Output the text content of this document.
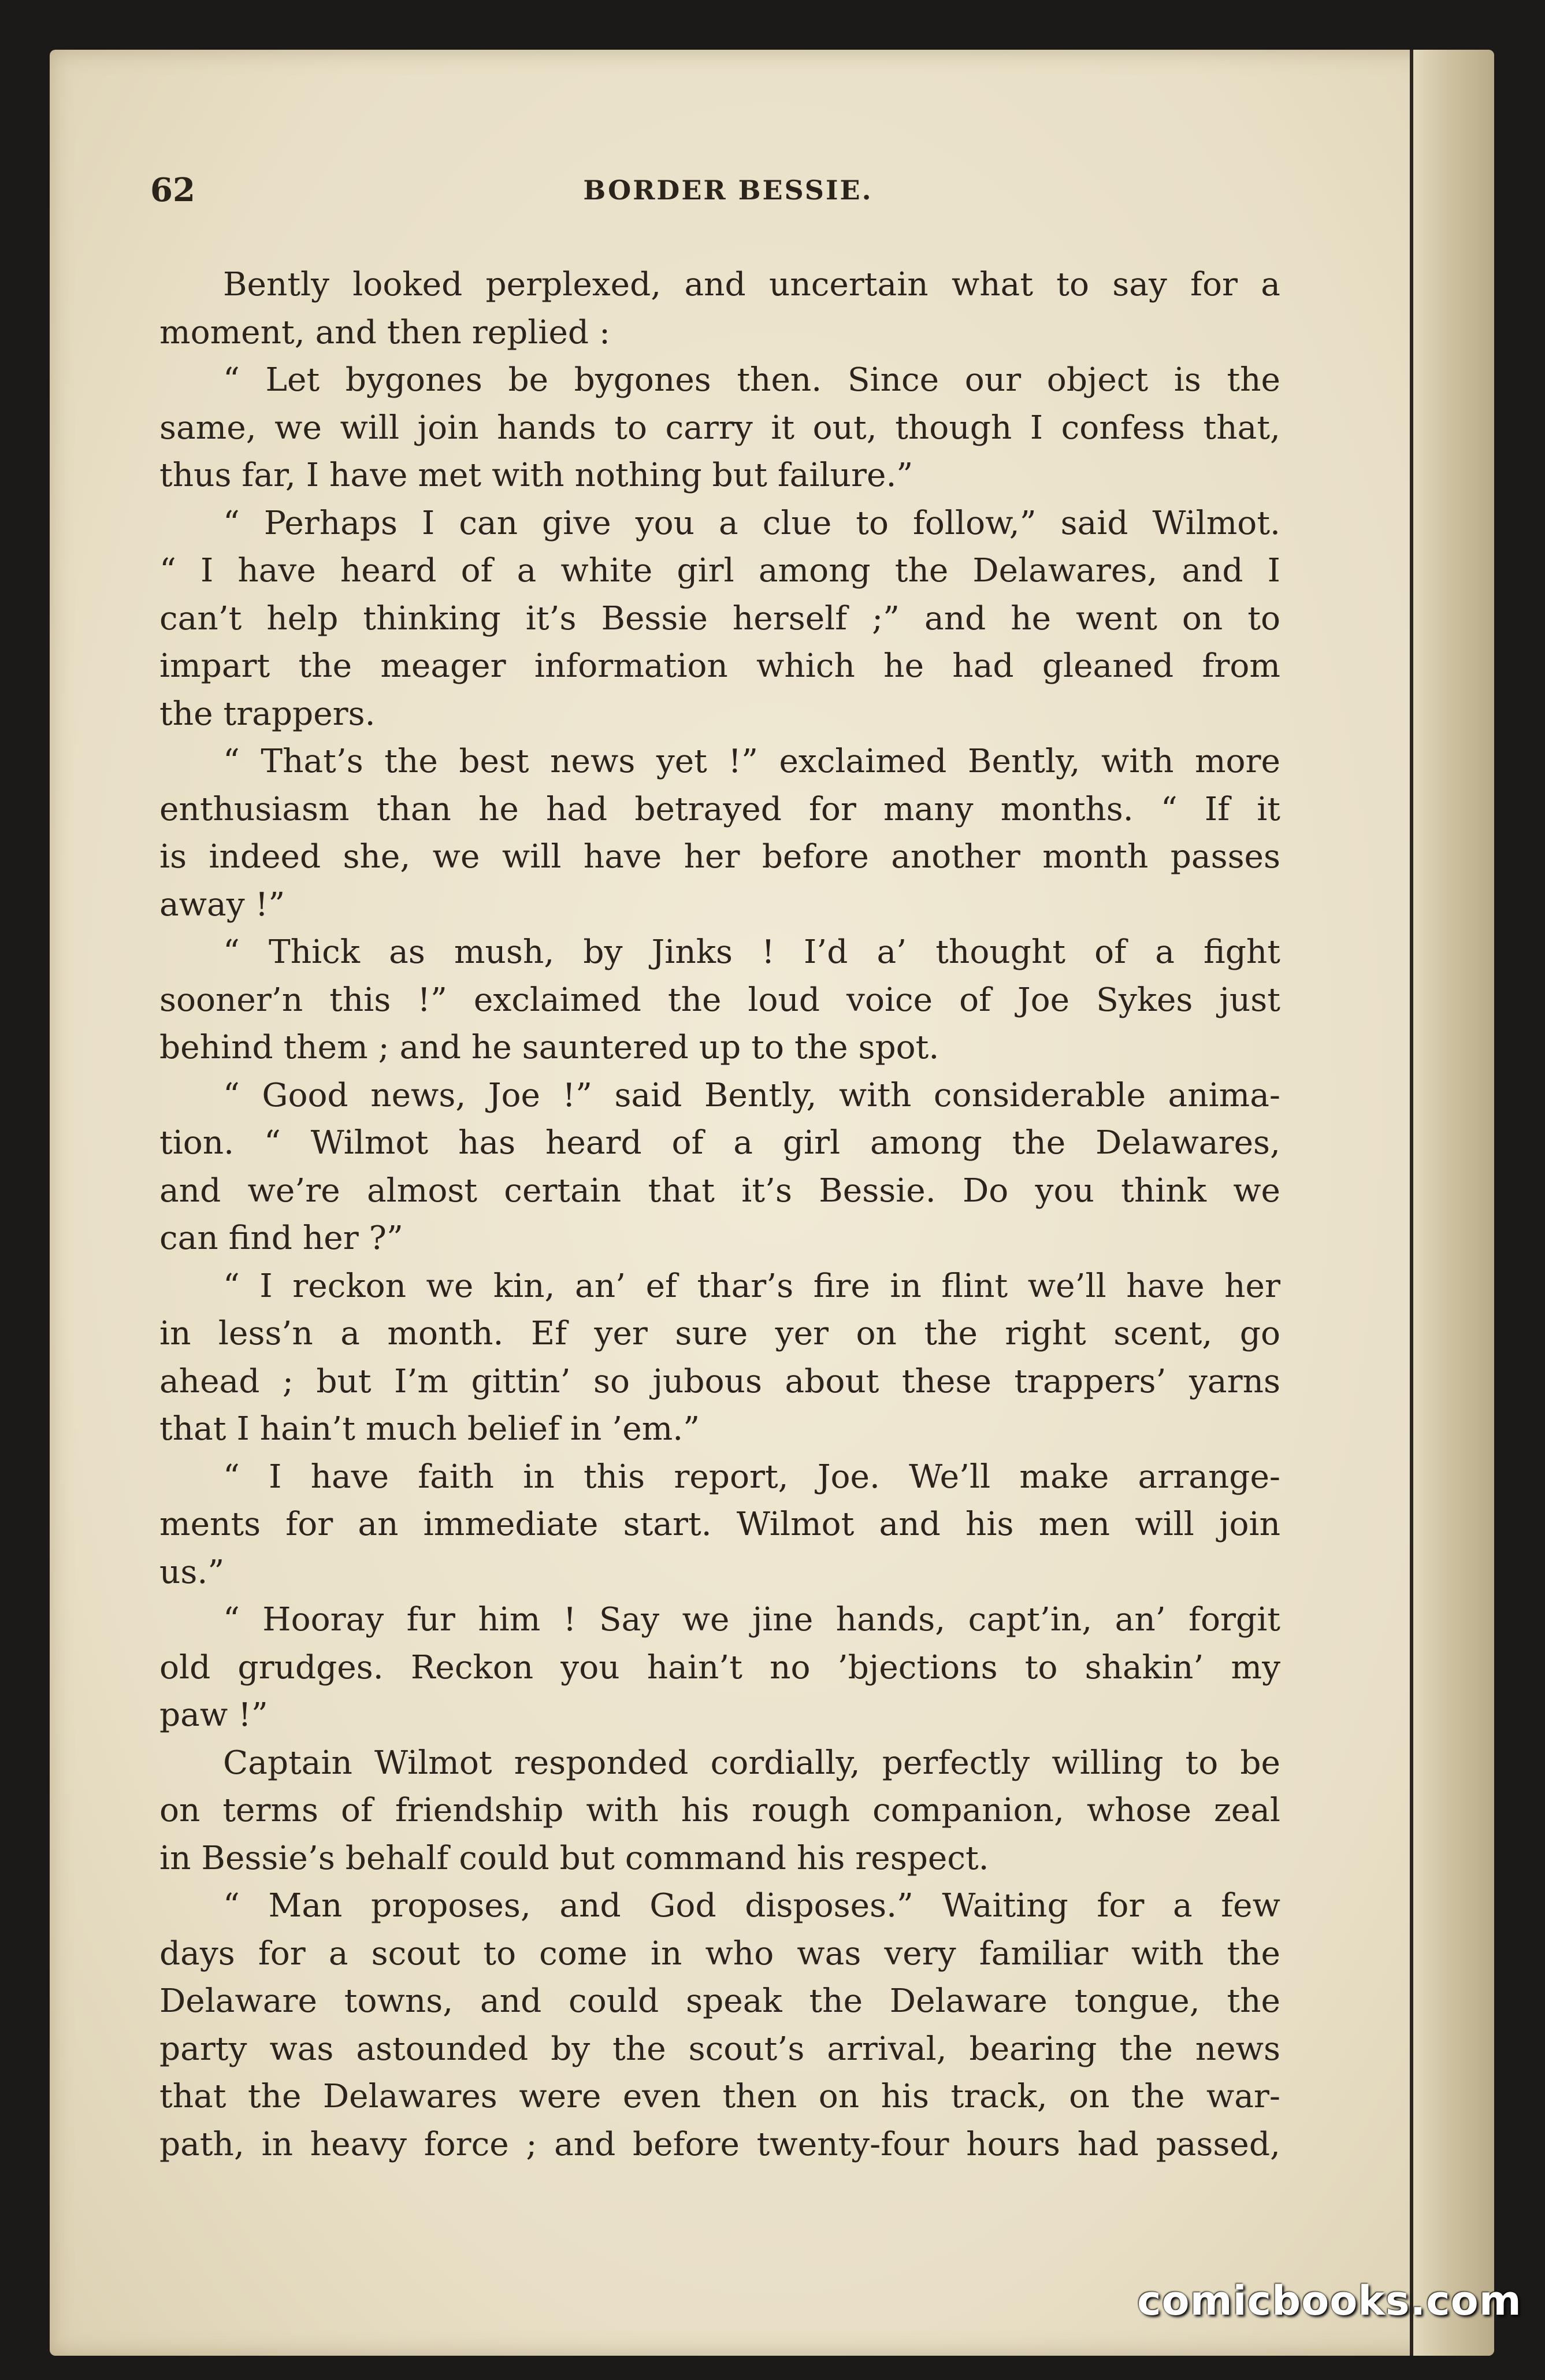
62	BORDER BESSIE.
Bently looked perplexed, and uncertain what to say for a
moment, and then replied :
“ Let bygones be bygones then. Since our object is the
same, we will join hands to carry it out, though I confess that,
thus far, I have met with nothing but failure.”
“ Perhaps I can give you a clue to follow,” said Wilmot.
“ I have heard of a white girl among the Delawares, and I
can’t help thinking it’s Bessie herself ;” and he went on to
impart the meager information which he had gleaned from
the trappers.
“ That’s the best news yet !” exclaimed Bently, with more
enthusiasm than he had betrayed for many months. “ If it
is indeed she, we will have her before another month passes
away !”
“ Thick as mush, by Jinks ! I’d a’ thought of a fight
sooner’n this !” exclaimed the loud voice of Joe Sykes just
behind them ; and he sauntered up to the spot.
“ Good news, Joe !” said Bently, with considerable anima-
tion. “ Wilmot has heard of a girl among the Delawares,
and we’re almost certain that it’s Bessie. Do you think we
can find her ?”
“ I reckon we kin, an’ ef thar’s fire in flint we’ll have her
in less’n a month. Ef yer sure yer on the right scent, go
ahead ; but I’m gittin’ so jubous about these trappers’ yarns
that I hain’t much belief in ’em.”
“ I have faith in this report, Joe. We’ll make arrange-
ments for an immediate start. Wilmot and his men will join
us.”
“ Hooray fur him ! Say we jine hands, capt’in, an’ forgit
old grudges. Reckon you hain’t no ’bjections to shakin’ my
paw !”
Captain Wilmot responded cordially, perfectly willing to be
on terms of friendship with his rough companion, whose zeal
in Bessie’s behalf could but command his respect.
“ Man proposes, and God disposes.” Waiting for a few
days for a scout to come in who was very familiar with the
Delaware towns, and could speak the Delaware tongue, the
party was astounded by the scout’s arrival, bearing the news
that the Delawares were even then on his track, on the war-
path, in heavy force ; and before twenty-four hours had passed,
comicbooks.com
